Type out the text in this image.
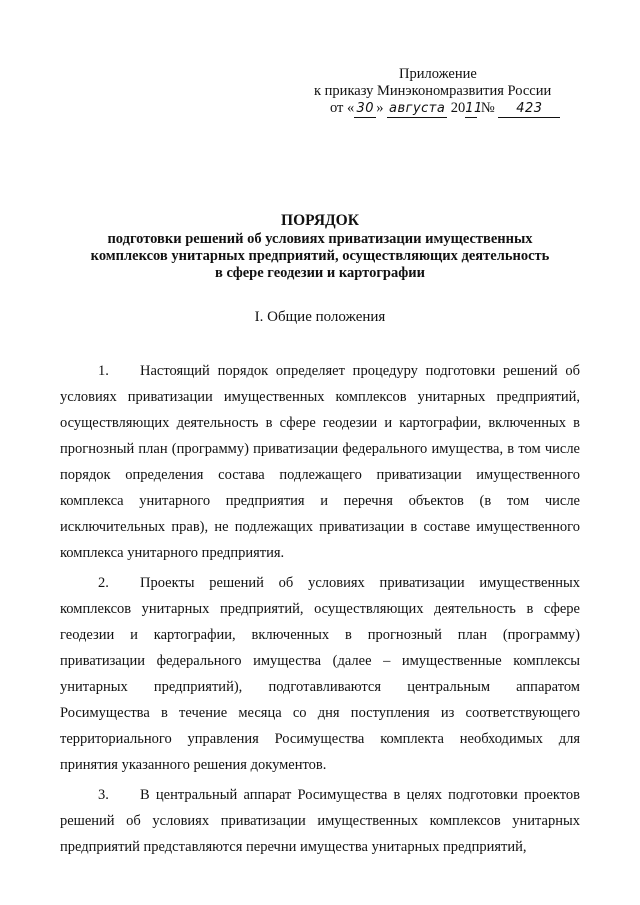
Приложение
к приказу Минэкономразвития России
от « 30 » августа 2011 № 423
ПОРЯДОК
подготовки решений об условиях приватизации имущественных
комплексов унитарных предприятий, осуществляющих деятельность
в сфере геодезии и картографии
I. Общие положения

1. Настоящий порядок определяет процедуру подготовки решений об условиях приватизации имущественных комплексов унитарных предприятий, осуществляющих деятельность в сфере геодезии и картографии, включенных в прогнозный план (программу) приватизации федерального имущества, в том числе порядок определения состава подлежащего приватизации имущественного комплекса унитарного предприятия и перечня объектов (в том числе исключительных прав), не подлежащих приватизации в составе имущественного комплекса унитарного предприятия.

2. Проекты решений об условиях приватизации имущественных комплексов унитарных предприятий, осуществляющих деятельность в сфере геодезии и картографии, включенных в прогнозный план (программу) приватизации федерального имущества (далее – имущественные комплексы унитарных предприятий), подготавливаются центральным аппаратом Росимущества в течение месяца со дня поступления из соответствующего территориального управления Росимущества комплекта необходимых для принятия указанного решения документов.

3. В центральный аппарат Росимущества в целях подготовки проектов решений об условиях приватизации имущественных комплексов унитарных предприятий представляются перечни имущества унитарных предприятий,
